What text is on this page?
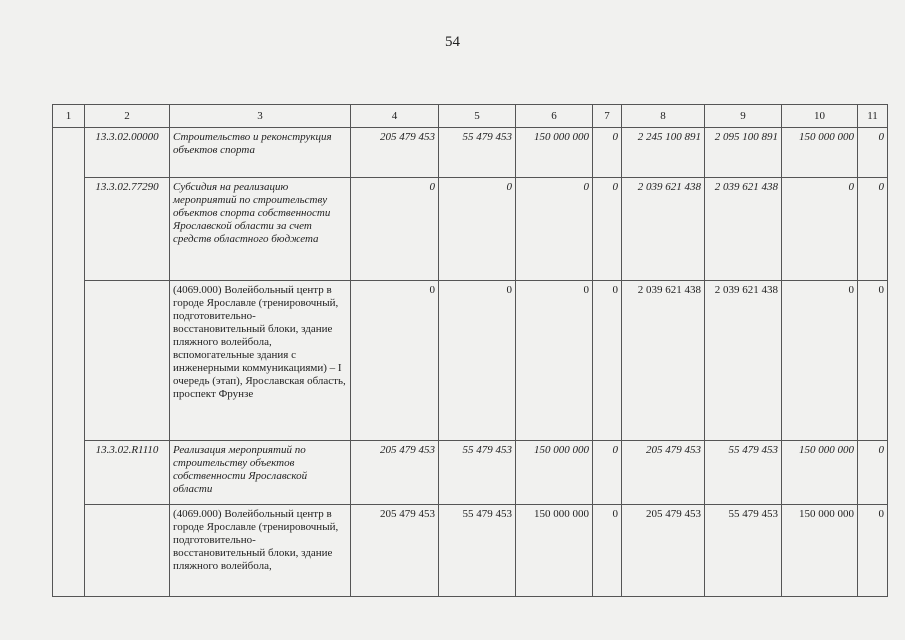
54
1	2	3	4	5	6	7	8	9	10	11
	13.3.02.00000	Строительство и реконструкция объектов спорта	205 479 453	55 479 453	150 000 000	0	2 245 100 891	2 095 100 891	150 000 000	0
	13.3.02.77290	Субсидия на реализацию мероприятий по строительству объектов спорта собственности Ярославской области за счет средств областного бюджета	0	0	0	0	2 039 621 438	2 039 621 438	0	0
		(4069.000) Волейбольный центр в городе Ярославле (тренировочный, подготовительно-восстановительный блоки, здание пляжного волейбола, вспомогательные здания с инженерными коммуникациями) – I очередь (этап), Ярославская область, проспект Фрунзе	0	0	0	0	2 039 621 438	2 039 621 438	0	0
	13.3.02.R1110	Реализация мероприятий по строительству объектов собственности Ярославской области	205 479 453	55 479 453	150 000 000	0	205 479 453	55 479 453	150 000 000	0
		(4069.000) Волейбольный центр в городе Ярославле (тренировочный, подготовительно-восстановительный блоки, здание пляжного волейбола,	205 479 453	55 479 453	150 000 000	0	205 479 453	55 479 453	150 000 000	0
